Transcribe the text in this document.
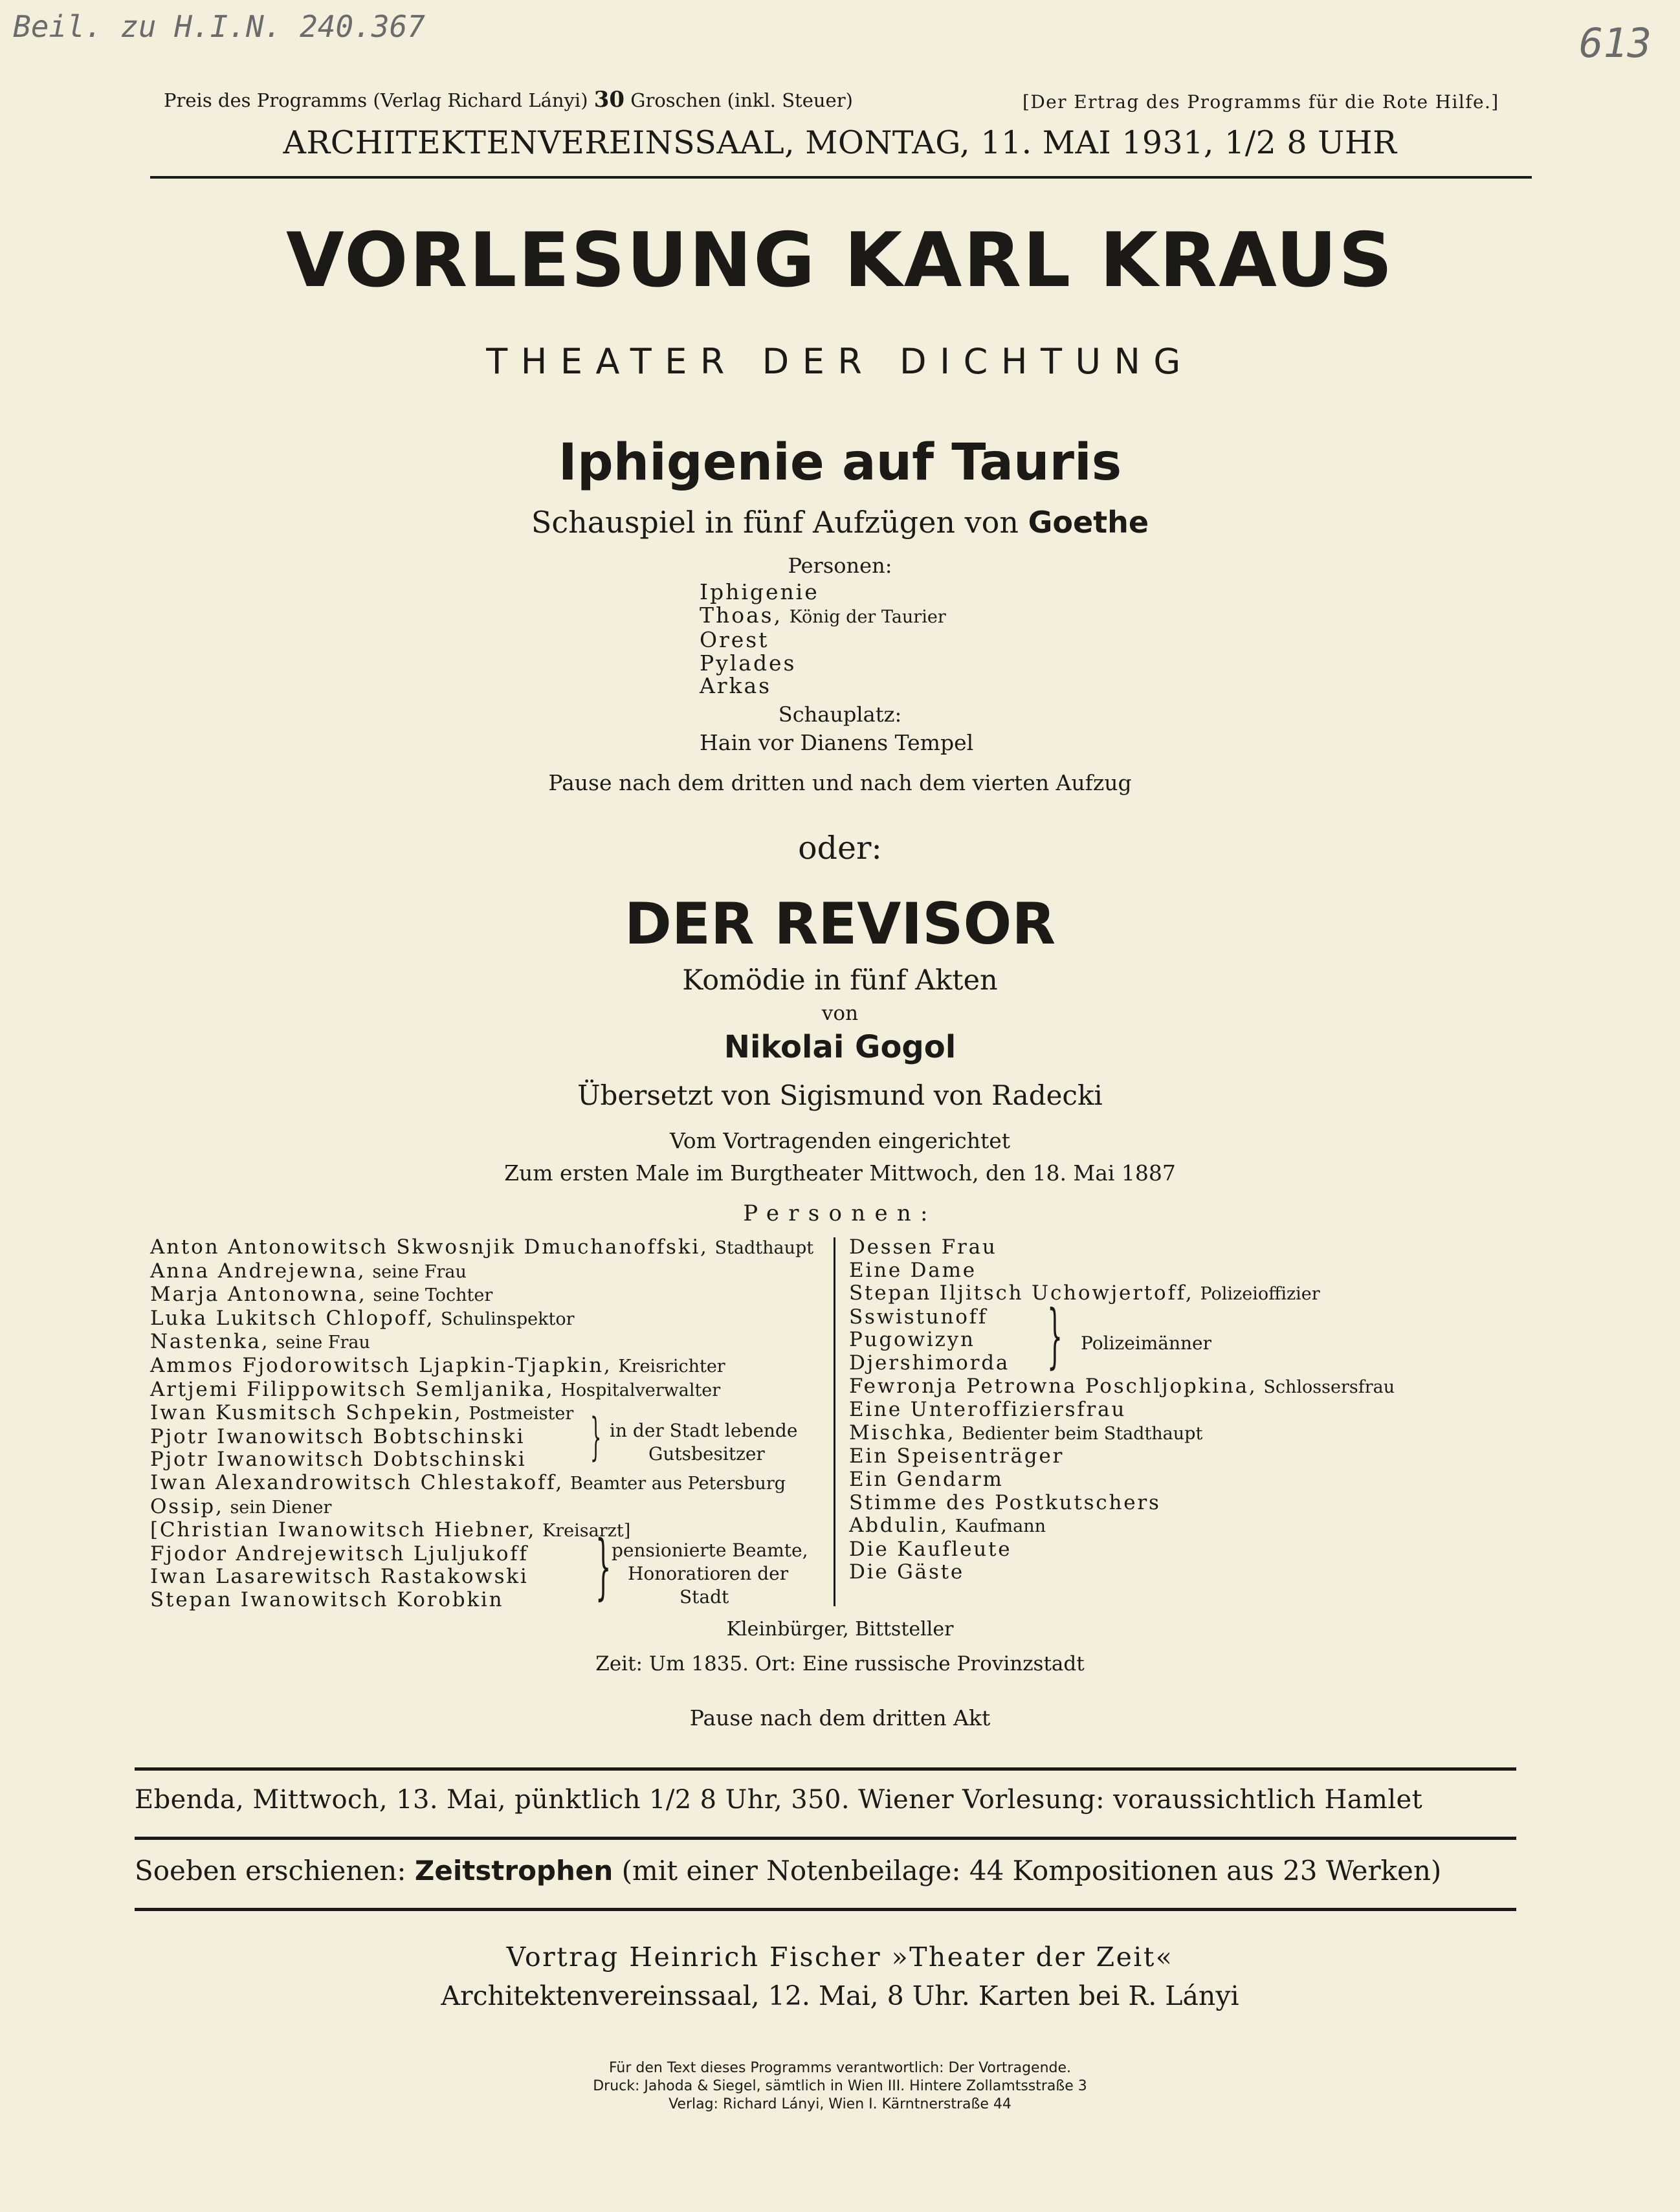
Beil. zu H.I.N. 240.367	613
Preis des Programms (Verlag Richard Lányi) 30 Groschen (inkl. Steuer)	[Der Ertrag des Programms für die Rote Hilfe.]
ARCHITEKTENVEREINSSAAL, MONTAG, 11. MAI 1931, 1/2 8 UHR
VORLESUNG KARL KRAUS
THEATER DER DICHTUNG
Iphigenie auf Tauris
Schauspiel in fünf Aufzügen von Goethe
Personen:
Iphigenie
Thoas, König der Taurier
Orest
Pylades
Arkas
Schauplatz:
Hain vor Dianens Tempel
Pause nach dem dritten und nach dem vierten Aufzug
oder:
DER REVISOR
Komödie in fünf Akten
von
Nikolai Gogol
Übersetzt von Sigismund von Radecki
Vom Vortragenden eingerichtet
Zum ersten Male im Burgtheater Mittwoch, den 18. Mai 1887
Personen:
Anton Antonowitsch Skwosnjik Dmuchanoffski, Stadthaupt
Anna Andrejewna, seine Frau
Marja Antonowna, seine Tochter
Luka Lukitsch Chlopoff, Schulinspektor
Nastenka, seine Frau
Ammos Fjodorowitsch Ljapkin-Tjapkin, Kreisrichter
Artjemi Filippowitsch Semljanika, Hospitalverwalter
Iwan Kusmitsch Schpekin, Postmeister
Pjotr Iwanowitsch Bobtschinski
Pjotr Iwanowitsch Dobtschinski
Iwan Alexandrowitsch Chlestakoff, Beamter aus Petersburg
Ossip, sein Diener
[Christian Iwanowitsch Hiebner, Kreisarzt]
Fjodor Andrejewitsch Ljuljukoff
Iwan Lasarewitsch Rastakowski
Stepan Iwanowitsch Korobkin
Dessen Frau
Eine Dame
Stepan Iljitsch Uchowjertoff, Polizeioffizier
Sswistunoff
Pugowizyn
Djershimorda
Fewronja Petrowna Poschljopkina, Schlossersfrau
Eine Unteroffiziersfrau
Mischka, Bedienter beim Stadthaupt
Ein Speisenträger
Ein Gendarm
Stimme des Postkutschers
Abdulin, Kaufmann
Die Kaufleute
Die Gäste
} in der Stadt lebende
Gutsbesitzer
} pensionierte Beamte,
Honoratioren der
Stadt
} Polizeimänner
Kleinbürger, Bittsteller
Zeit: Um 1835. Ort: Eine russische Provinzstadt
Pause nach dem dritten Akt
Ebenda, Mittwoch, 13. Mai, pünktlich 1/2 8 Uhr, 350. Wiener Vorlesung: voraussichtlich Hamlet
Soeben erschienen: Zeitstrophen (mit einer Notenbeilage: 44 Kompositionen aus 23 Werken)
Vortrag Heinrich Fischer »Theater der Zeit«
Architektenvereinssaal, 12. Mai, 8 Uhr. Karten bei R. Lányi
Für den Text dieses Programms verantwortlich: Der Vortragende.
Druck: Jahoda & Siegel, sämtlich in Wien III. Hintere Zollamtsstraße 3
Verlag: Richard Lányi, Wien I. Kärntnerstraße 44
